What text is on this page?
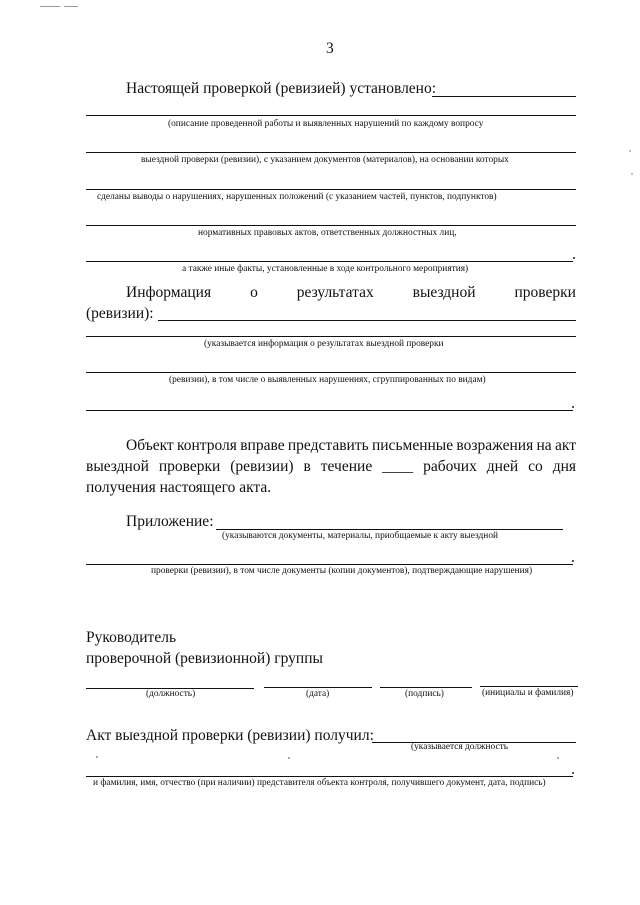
3
Настоящей проверкой (ревизией) установлено:
(описание проведенной работы и выявленных нарушений по каждому вопросу
выездной проверки (ревизии), с указанием документов (материалов), на основании которых
сделаны выводы о нарушениях, нарушенных положений (с указанием частей, пунктов, подпунктов)
нормативных правовых актов, ответственных должностных лиц,
а также иные факты, установленные в ходе контрольного мероприятия)
Информация	о	результатах	выездной	проверки
(ревизии):
(указывается информация о результатах выездной проверки
(ревизии), в том числе о выявленных нарушениях, сгруппированных по видам)
Объект контроля вправе представить письменные возражения на акт
выездной проверки (ревизии) в течение ____ рабочих дней со дня
получения настоящего акта.
Приложение:
(указываются документы, материалы, приобщаемые к акту выездной
проверки (ревизии), в том числе документы (копии документов), подтверждающие нарушения)
Руководитель
проверочной (ревизионной) группы
(должность)	(дата)	(подпись)	(инициалы и фамилия)
Акт выездной проверки (ревизии) получил:
(указывается должность
и фамилия, имя, отчество (при наличии) представителя объекта контроля, получившего документ, дата, подпись)
